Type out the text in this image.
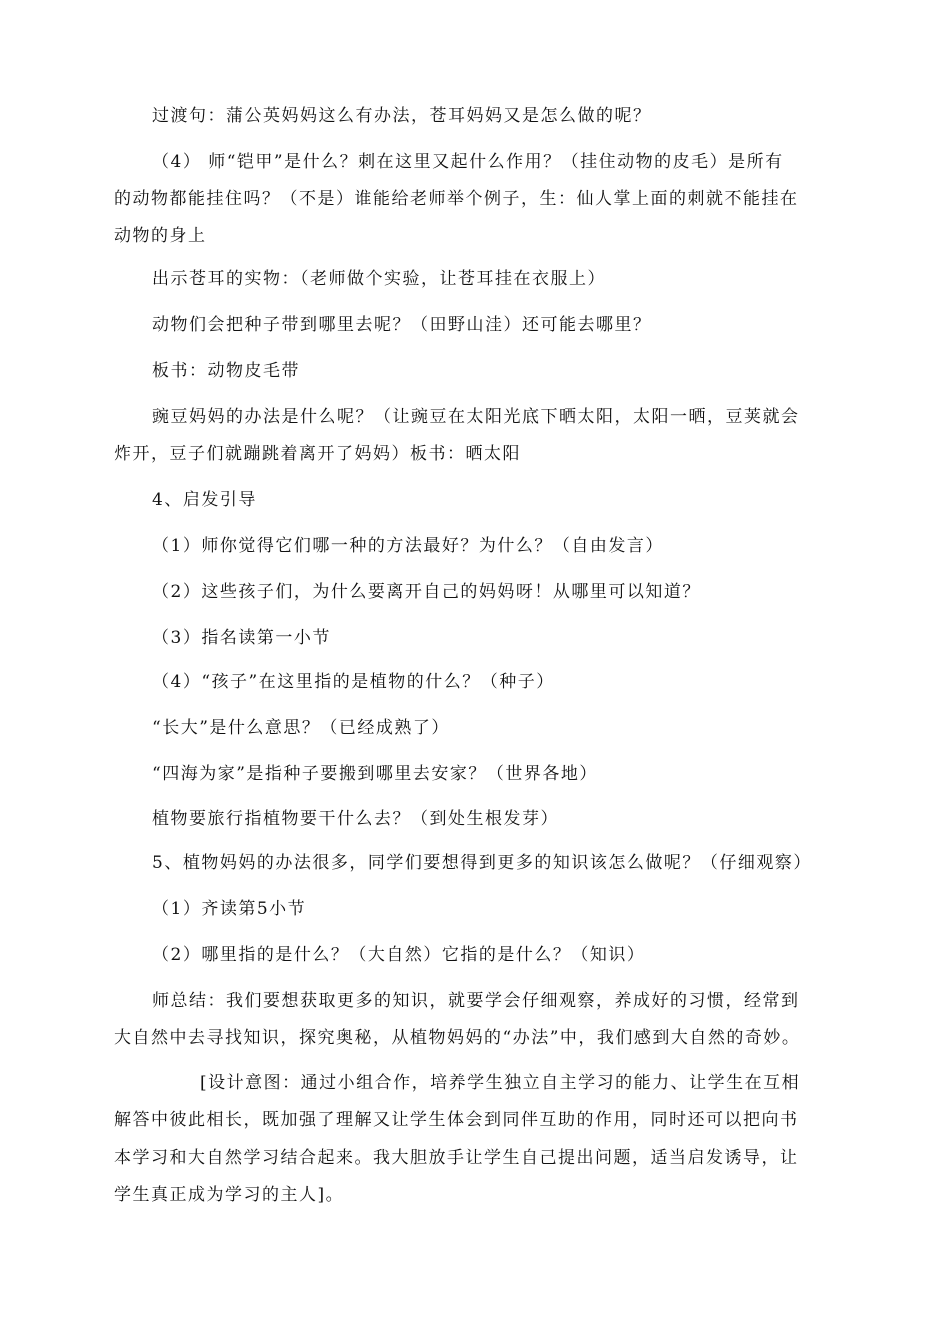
过渡句：蒲公英妈妈这么有办法，苍耳妈妈又是怎么做的呢？
（4） 师“铠甲”是什么？刺在这里又起什么作用？（挂住动物的皮毛）是所有
的动物都能挂住吗？（不是）谁能给老师举个例子，生：仙人掌上面的刺就不能挂在
动物的身上
出示苍耳的实物：（老师做个实验，让苍耳挂在衣服上）
动物们会把种子带到哪里去呢？（田野山洼）还可能去哪里？
板书：动物皮毛带
豌豆妈妈的办法是什么呢？（让豌豆在太阳光底下晒太阳，太阳一晒，豆荚就会
炸开，豆子们就蹦跳着离开了妈妈）板书：晒太阳
4、启发引导
（1）师你觉得它们哪一种的方法最好？为什么？（自由发言）
（2）这些孩子们，为什么要离开自己的妈妈呀！从哪里可以知道？
（3）指名读第一小节
（4）“孩子”在这里指的是植物的什么？（种子）
“长大”是什么意思？（已经成熟了）
“四海为家”是指种子要搬到哪里去安家？（世界各地）
植物要旅行指植物要干什么去？（到处生根发芽）
5、植物妈妈的办法很多，同学们要想得到更多的知识该怎么做呢？（仔细观察）
（1）齐读第5小节
（2）哪里指的是什么？（大自然）它指的是什么？（知识）
师总结：我们要想获取更多的知识，就要学会仔细观察，养成好的习惯，经常到
大自然中去寻找知识，探究奥秘，从植物妈妈的“办法”中，我们感到大自然的奇妙。
[设计意图：通过小组合作，培养学生独立自主学习的能力、让学生在互相
解答中彼此相长，既加强了理解又让学生体会到同伴互助的作用，同时还可以把向书
本学习和大自然学习结合起来。我大胆放手让学生自己提出问题，适当启发诱导，让
学生真正成为学习的主人]。
